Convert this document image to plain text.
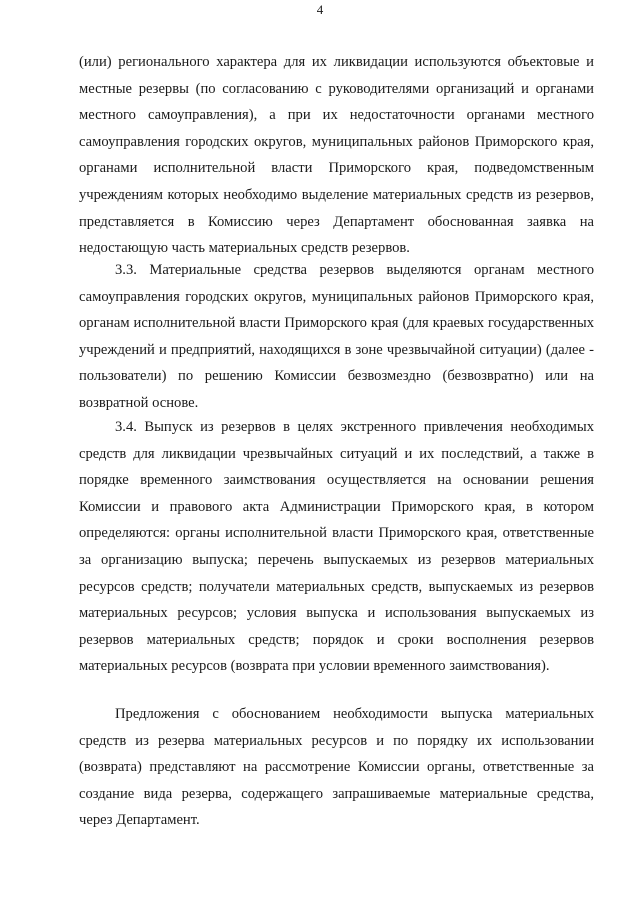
4

(или) регионального характера для их ликвидации используются объектовые и местные резервы (по согласованию с руководителями организаций и органами местного самоуправления), а при их недостаточности органами местного самоуправления городских округов, муниципальных районов Приморского края, органами исполнительной власти Приморского края, подведомственным учреждениям которых необходимо выделение материальных средств из резервов, представляется в Комиссию через Департамент обоснованная заявка на недостающую часть материальных средств резервов.

3.3. Материальные средства резервов выделяются органам местного самоуправления городских округов, муниципальных районов Приморского края, органам исполнительной власти Приморского края (для краевых государственных учреждений и предприятий, находящихся в зоне чрезвычайной ситуации) (далее - пользователи) по решению Комиссии безвозмездно (безвозвратно) или на возвратной основе.

3.4. Выпуск из резервов в целях экстренного привлечения необходимых средств для ликвидации чрезвычайных ситуаций и их последствий, а также в порядке временного заимствования осуществляется на основании решения Комиссии и правового акта Администрации Приморского края, в котором определяются: органы исполнительной власти Приморского края, ответственные за организацию выпуска; перечень выпускаемых из резервов материальных ресурсов средств; получатели материальных средств, выпускаемых из резервов материальных ресурсов; условия выпуска и использования выпускаемых из резервов материальных средств; порядок и сроки восполнения резервов материальных ресурсов (возврата при условии временного заимствования).

Предложения с обоснованием необходимости выпуска материальных средств из резерва материальных ресурсов и по порядку их использовании (возврата) представляют на рассмотрение Комиссии органы, ответственные за создание вида резерва, содержащего запрашиваемые материальные средства, через Департамент.
